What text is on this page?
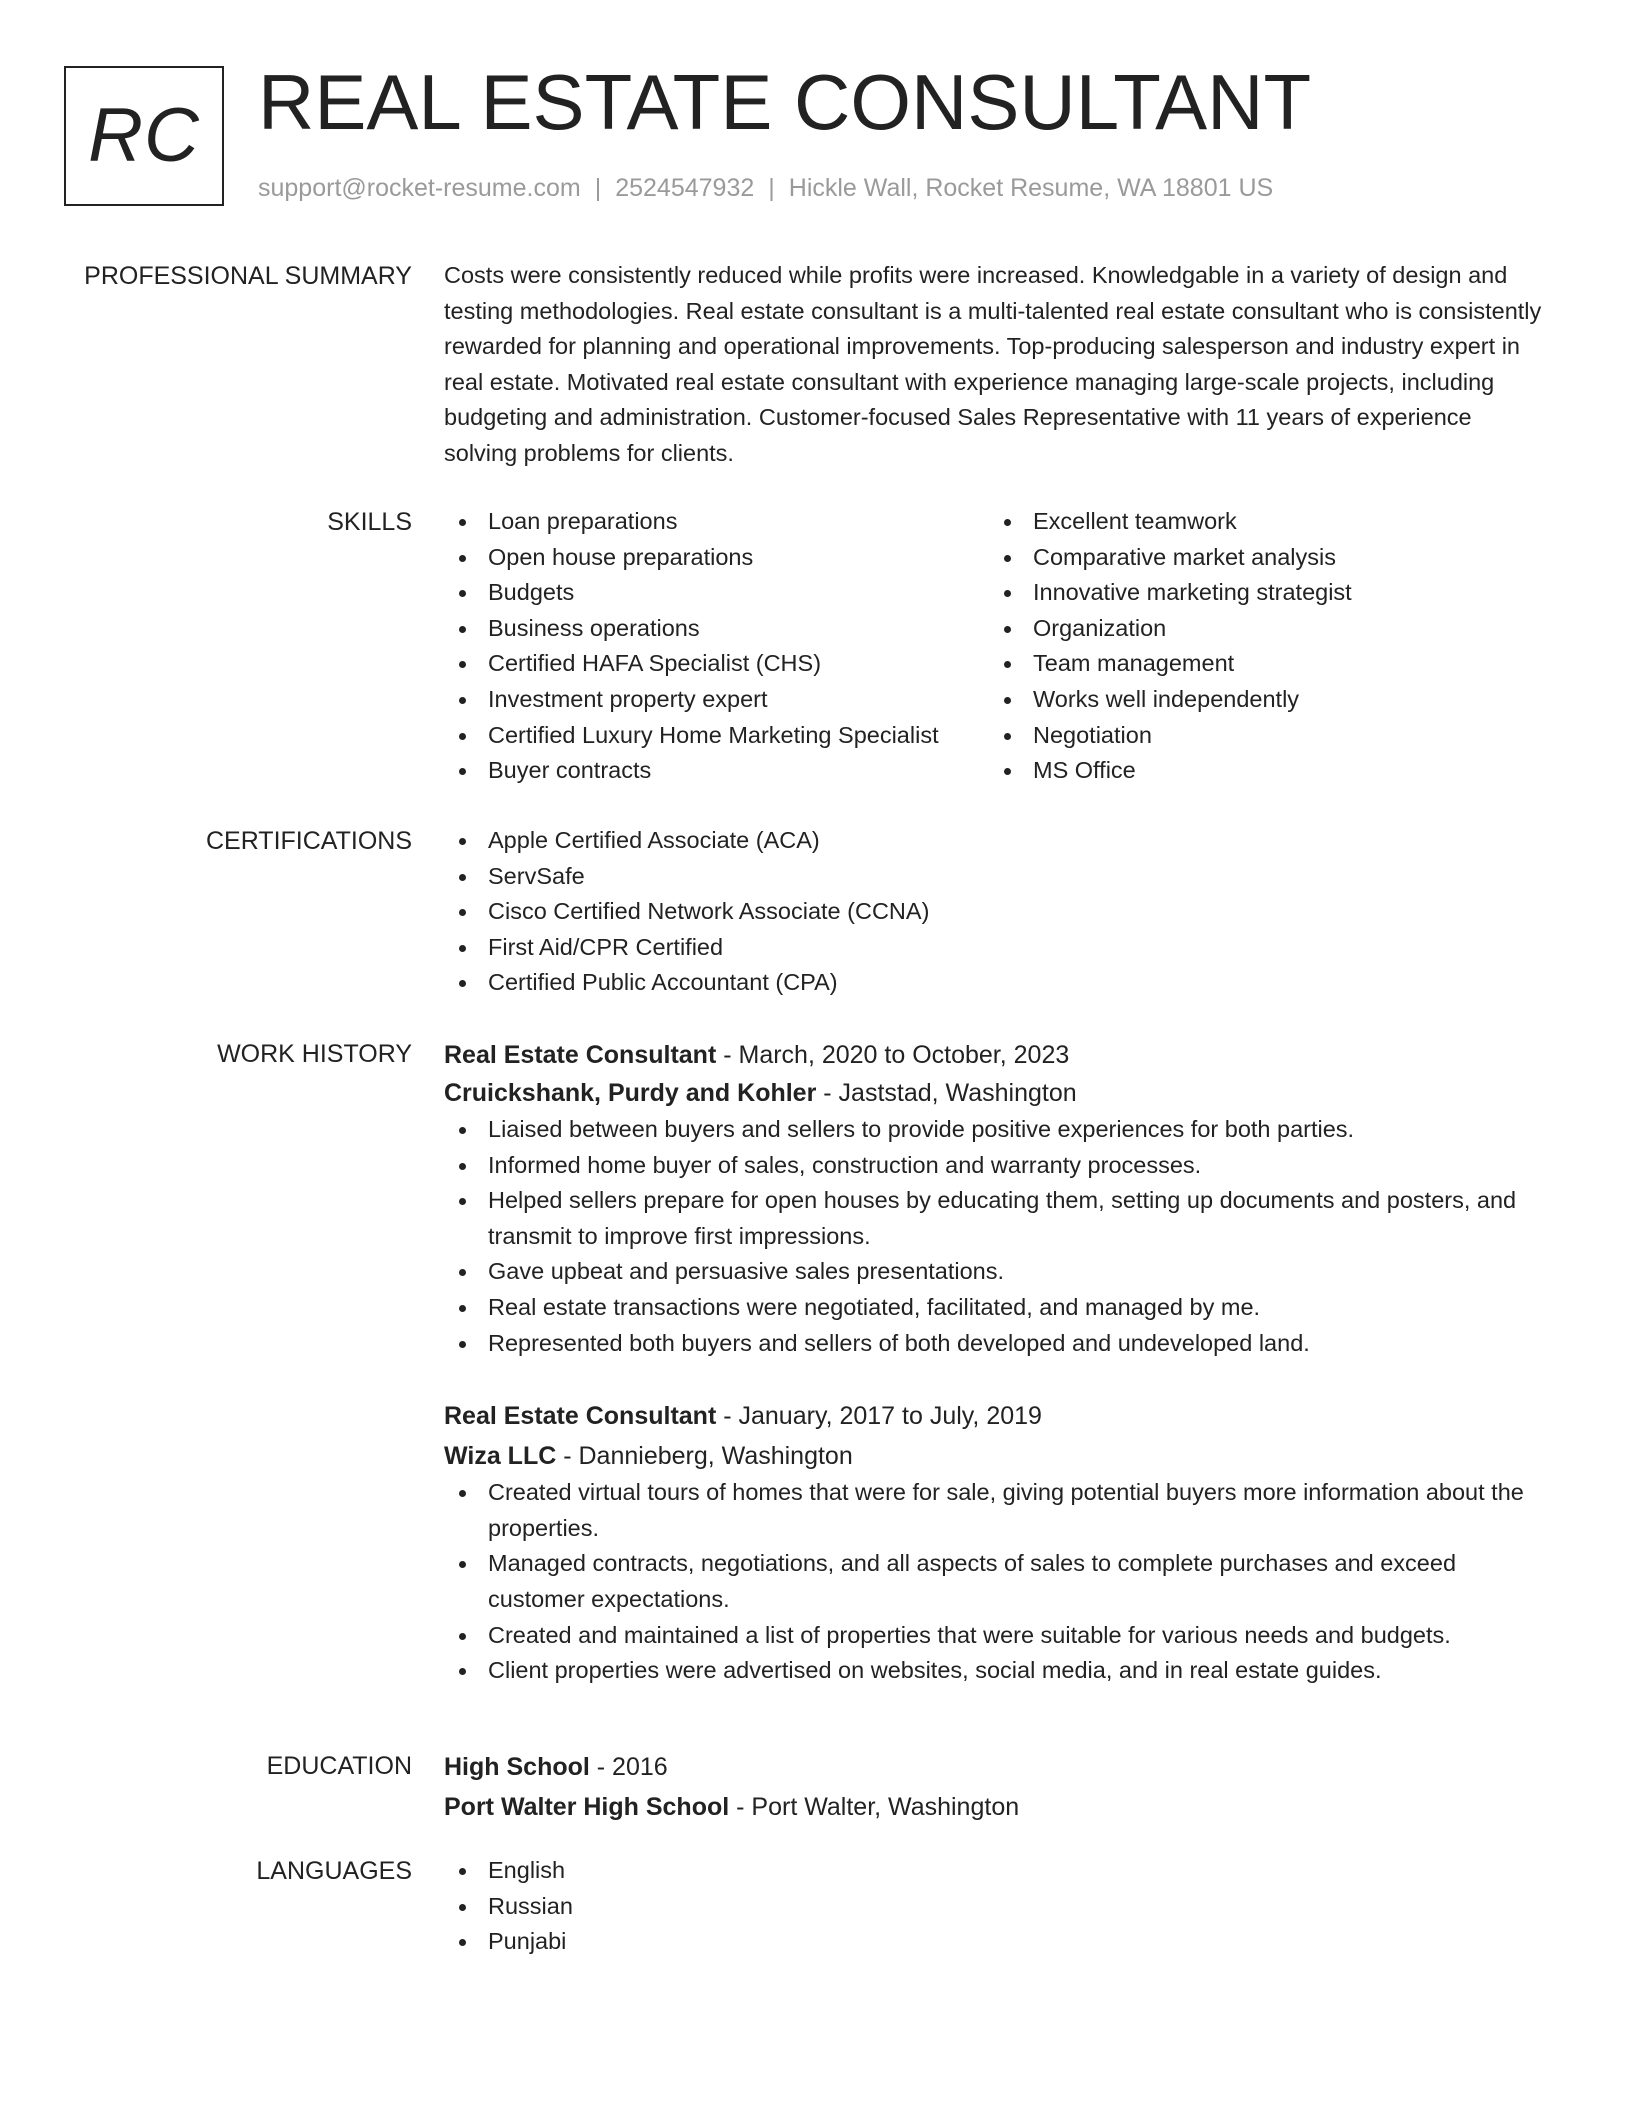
RC REAL ESTATE CONSULTANT
support@rocket-resume.com | 2524547932 | Hickle Wall, Rocket Resume, WA 18801 US
PROFESSIONAL SUMMARY Costs were consistently reduced while profits were increased. Knowledgable in a variety of design and testing methodologies. Real estate consultant is a multi-talented real estate consultant who is consistently rewarded for planning and operational improvements. Top-producing salesperson and industry expert in real estate. Motivated real estate consultant with experience managing large-scale projects, including budgeting and administration. Customer-focused Sales Representative with 11 years of experience solving problems for clients.
SKILLS	Loan preparations
Open house preparations
Budgets
Business operations
Certified HAFA Specialist (CHS)
Investment property expert
Certified Luxury Home Marketing Specialist
Buyer contracts
Excellent teamwork
Comparative market analysis
Innovative marketing strategist
Organization
Team management
Works well independently
Negotiation
MS Office
CERTIFICATIONS	Apple Certified Associate (ACA)
ServSafe
Cisco Certified Network Associate (CCNA)
First Aid/CPR Certified
Certified Public Accountant (CPA)
WORK HISTORY Real Estate Consultant - March, 2020 to October, 2023
Cruickshank, Purdy and Kohler - Jaststad, Washington
Liaised between buyers and sellers to provide positive experiences for both parties.
Informed home buyer of sales, construction and warranty processes.
Helped sellers prepare for open houses by educating them, setting up documents and posters, and transmit to improve first impressions.
Gave upbeat and persuasive sales presentations.
Real estate transactions were negotiated, facilitated, and managed by me.
Represented both buyers and sellers of both developed and undeveloped land.
Real Estate Consultant - January, 2017 to July, 2019
Wiza LLC - Dannieberg, Washington
Created virtual tours of homes that were for sale, giving potential buyers more information about the properties.
Managed contracts, negotiations, and all aspects of sales to complete purchases and exceed customer expectations.
Created and maintained a list of properties that were suitable for various needs and budgets.
Client properties were advertised on websites, social media, and in real estate guides.
EDUCATION High School - 2016
Port Walter High School - Port Walter, Washington
LANGUAGES	English
Russian
Punjabi
